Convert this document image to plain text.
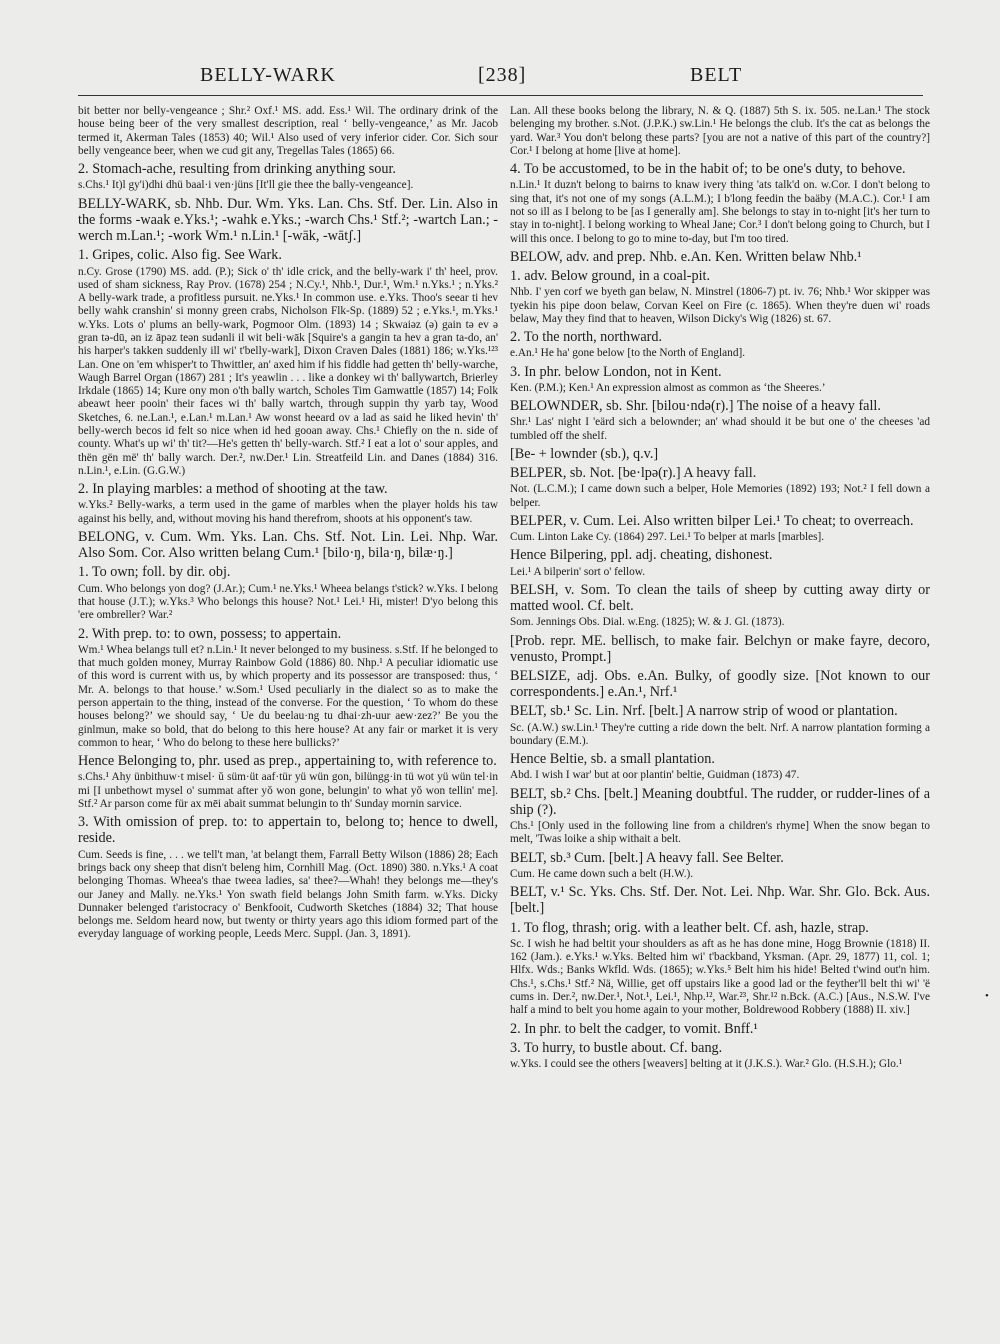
BELLY-WARK	[238]	BELT

bit better nor belly-vengeance ; Shr.² Oxf.¹ MS. add. Ess.¹ Wil. The ordinary drink of the house being beer of the very smallest description, real ‘ belly-vengeance,’ as Mr. Jacob termed it, Akerman Tales (1853) 40; Wil.¹ Also used of very inferior cider. Cor. Sich sour belly vengeance beer, when we cud git any, Tregellas Tales (1865) 66.

2. Stomach-ache, resulting from drinking anything sour.

s.Chs.¹ It)l gy'i)dhi dhü baal·i ven·jüns [It'll gie thee the bally-vengeance].

BELLY-WARK, sb. Nhb. Dur. Wm. Yks. Lan. Chs. Stf. Der. Lin. Also in the forms -waak e.Yks.¹; -wahk e.Yks.; -warch Chs.¹ Stf.²; -wartch Lan.; -werch m.Lan.¹; -work Wm.¹ n.Lin.¹ [-wāk, -wātʃ.]

1. Gripes, colic. Also fig. See Wark.

n.Cy. Grose (1790) MS. add. (P.); Sick o' th' idle crick, and the belly-wark i' th' heel, prov. used of sham sickness, Ray Prov. (1678) 254 ; N.Cy.¹, Nhb.¹, Dur.¹, Wm.¹ n.Yks.¹ ; n.Yks.² A belly-wark trade, a profitless pursuit. ne.Yks.¹ In common use. e.Yks. Thoo's seear ti hev belly wahk cranshin' si monny green crabs, Nicholson Flk-Sp. (1889) 52 ; e.Yks.¹, m.Yks.¹ w.Yks. Lots o' plums an belly-wark, Pogmoor Olm. (1893) 14 ; Skwaiəz (ə) gain tə ev ə gran tə-dū, ən iz āpəz teən sudənli il wit beli·wāk [Squire's a gangin ta hev a gran ta-do, an' his harper's takken suddenly ill wi' t'belly-wark], Dixon Craven Dales (1881) 186; w.Yks.¹²³ Lan. One on 'em whisper't to Thwittler, an' axed him if his fiddle had getten th' belly-warche, Waugh Barrel Organ (1867) 281 ; It's yeawlin . . . like a donkey wi th' ballywartch, Brierley Irkdale (1865) 14; Kure ony mon o'th bally wartch, Scholes Tim Gamwattle (1857) 14; Folk abeawt heer pooin' their faces wi th' bally wartch, through suppin thy yarb tay, Wood Sketches, 6. ne.Lan.¹, e.Lan.¹ m.Lan.¹ Aw wonst heeard ov a lad as said he liked hevin' th' belly-werch becos id felt so nice when id hed gooan away. Chs.¹ Chiefly on the n. side of county. What's up wi' th' tit?—He's getten th' belly-warch. Stf.² I eat a lot o' sour apples, and thën gën më' th' bally warch. Der.², nw.Der.¹ Lin. Streatfeild Lin. and Danes (1884) 316. n.Lin.¹, e.Lin. (G.G.W.)

2. In playing marbles: a method of shooting at the taw.

w.Yks.² Belly-warks, a term used in the game of marbles when the player holds his taw against his belly, and, without moving his hand therefrom, shoots at his opponent's taw.

BELONG, v. Cum. Wm. Yks. Lan. Chs. Stf. Not. Lin. Lei. Nhp. War. Also Som. Cor. Also written belang Cum.¹ [bilo·ŋ, bila·ŋ, bilæ·ŋ.]

1. To own; foll. by dir. obj.

Cum. Who belongs yon dog? (J.Ar.); Cum.¹ ne.Yks.¹ Wheea belangs t'stick? w.Yks. I belong that house (J.T.); w.Yks.³ Who belongs this house? Not.¹ Lei.¹ Hi, mister! D'yo belong this 'ere ombreller? War.²

2. With prep. to: to own, possess; to appertain.

Wm.¹ Whea belangs tull et? n.Lin.¹ It never belonged to my business. s.Stf. If he belonged to that much golden money, Murray Rainbow Gold (1886) 80. Nhp.¹ A peculiar idiomatic use of this word is current with us, by which property and its possessor are transposed: thus, ‘ Mr. A. belongs to that house.’ w.Som.¹ Used peculiarly in the dialect so as to make the person appertain to the thing, instead of the converse. For the question, ‘ To whom do these houses belong?’ we should say, ‘ Ue du beelau·ng tu dhai·zh-uur aew·zez?’ Be you the ginlmun, make so bold, that do belong to this here house? At any fair or market it is very common to hear, ‘ Who do belong to these here bullicks?’

Hence Belonging to, phr. used as prep., appertaining to, with reference to.

s.Chs.¹ Ahy ünbithuw·t misel· ŭ süm·üt aaf·tür yü wün gon, bilüngg·in tü wot yü wün tel·in mi [I unbethowt mysel o' summat after yŏ won gone, belungin' to what yŏ won tellin' me]. Stf.² Ar parson come für ax mēi abait summat belungin to th' Sunday mornin sarvice.

3. With omission of prep. to: to appertain to, belong to; hence to dwell, reside.

Cum. Seeds is fine, . . . we tell't man, 'at belangt them, Farrall Betty Wilson (1886) 28; Each brings back ony sheep that disn't beleng him, Cornhill Mag. (Oct. 1890) 380. n.Yks.¹ A coat belonging Thomas. Wheea's thae tweea ladies, sa' thee?—Whah! they belongs me—they's our Janey and Mally. ne.Yks.¹ Yon swath field belangs John Smith farm. w.Yks. Dicky Dunnaker belenged t'aristocracy o' Benkfooit, Cudworth Sketches (1884) 32; That house belongs me. Seldom heard now, but twenty or thirty years ago this idiom formed part of the everyday language of working people, Leeds Merc. Suppl. (Jan. 3, 1891).

Lan. All these books belong the library, N. & Q. (1887) 5th S. ix. 505. ne.Lan.¹ The stock belenging my brother. s.Not. (J.P.K.) sw.Lin.¹ He belongs the club. It's the cat as belongs the yard. War.³ You don't belong these parts? [you are not a native of this part of the country?] Cor.¹ I belong at home [live at home].

4. To be accustomed, to be in the habit of; to be one's duty, to behove.

n.Lin.¹ It duzn't belong to bairns to knaw ivery thing 'ats talk'd on. w.Cor. I don't belong to sing that, it's not one of my songs (A.L.M.); I b'long feedin the baäby (M.A.C.). Cor.¹ I am not so ill as I belong to be [as I generally am]. She belongs to stay in to-night [it's her turn to stay in to-night]. I belong working to Wheal Jane; Cor.³ I don't belong going to Church, but I will this once. I belong to go to mine to-day, but I'm too tired.

BELOW, adv. and prep. Nhb. e.An. Ken. Written belaw Nhb.¹

1. adv. Below ground, in a coal-pit.

Nhb. I' yen corf we byeth gan belaw, N. Minstrel (1806-7) pt. iv. 76; Nhb.¹ Wor skipper was tyekin his pipe doon belaw, Corvan Keel on Fire (c. 1865). When they're duen wi' roads belaw, May they find that to heaven, Wilson Dicky's Wig (1826) st. 67.

2. To the north, northward.

e.An.¹ He ha' gone below [to the North of England].

3. In phr. below London, not in Kent.

Ken. (P.M.); Ken.¹ An expression almost as common as ‘the Sheeres.’

BELOWNDER, sb. Shr. [bilou·ndə(r).] The noise of a heavy fall.

Shr.¹ Las' night I 'eärd sich a belownder; an' whad should it be but one o' the cheeses 'ad tumbled off the shelf.

[Be- + lownder (sb.), q.v.]

BELPER, sb. Not. [be·lpə(r).] A heavy fall.

Not. (L.C.M.); I came down such a belper, Hole Memories (1892) 193; Not.² I fell down a belper.

BELPER, v. Cum. Lei. Also written bilper Lei.¹ To cheat; to overreach.

Cum. Linton Lake Cy. (1864) 297. Lei.¹ To belper at marls [marbles].

Hence Bilpering, ppl. adj. cheating, dishonest.

Lei.¹ A bilperin' sort o' fellow.

BELSH, v. Som. To clean the tails of sheep by cutting away dirty or matted wool. Cf. belt.

Som. Jennings Obs. Dial. w.Eng. (1825); W. & J. Gl. (1873).

[Prob. repr. ME. bellisch, to make fair. Belchyn or make fayre, decoro, venusto, Prompt.]

BELSIZE, adj. Obs. e.An. Bulky, of goodly size. [Not known to our correspondents.] e.An.¹, Nrf.¹

BELT, sb.¹ Sc. Lin. Nrf. [belt.] A narrow strip of wood or plantation.

Sc. (A.W.) sw.Lin.¹ They're cutting a ride down the belt. Nrf. A narrow plantation forming a boundary (E.M.).

Hence Beltie, sb. a small plantation.

Abd. I wish I war' but at oor plantin' beltie, Guidman (1873) 47.

BELT, sb.² Chs. [belt.] Meaning doubtful. The rudder, or rudder-lines of a ship (?).

Chs.¹ [Only used in the following line from a children's rhyme] When the snow began to melt, 'Twas loike a ship withait a belt.

BELT, sb.³ Cum. [belt.] A heavy fall. See Belter.

Cum. He came down such a belt (H.W.).

BELT, v.¹ Sc. Yks. Chs. Stf. Der. Not. Lei. Nhp. War. Shr. Glo. Bck. Aus. [belt.]

1. To flog, thrash; orig. with a leather belt. Cf. ash, hazle, strap.

Sc. I wish he had beltit your shoulders as aft as he has done mine, Hogg Brownie (1818) II. 162 (Jam.). e.Yks.¹ w.Yks. Belted him wi' t'backband, Yksman. (Apr. 29, 1877) 11, col. 1; Hlfx. Wds.; Banks Wkfld. Wds. (1865); w.Yks.⁵ Belt him his hide! Belted t'wind out'n him. Chs.¹, s.Chs.¹ Stf.² Nä, Willie, get off upstairs like a good lad or the feyther'll belt thi wi' 'ë cums in. Der.², nw.Der.¹, Not.¹, Lei.¹, Nhp.¹², War.²³, Shr.¹² n.Bck. (A.C.) [Aus., N.S.W. I've half a mind to belt you home again to your mother, Boldrewood Robbery (1888) II. xiv.]

2. In phr. to belt the cadger, to vomit. Bnff.¹

3. To hurry, to bustle about. Cf. bang.

w.Yks. I could see the others [weavers] belting at it (J.K.S.). War.² Glo. (H.S.H.); Glo.¹

•
